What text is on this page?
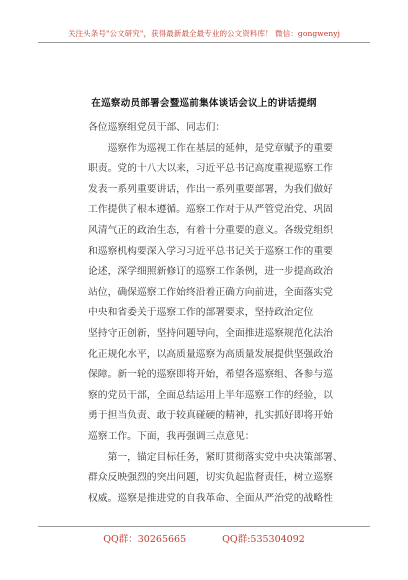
关注头条号"公文研究"，获得最新最全最专业的公文资料库！ 微信：gongwenyj
在巡察动员部署会暨巡前集体谈话会议上的讲话提纲

各位巡察组党员干部、同志们：

　　巡察作为巡视工作在基层的延伸，是党章赋予的重要

职责。党的十八大以来，习近平总书记高度重视巡察工作

发表一系列重要讲话，作出一系列重要部署，为我们做好

工作提供了根本遵循。巡察工作对于从严管党治党、巩固

风清气正的政治生态，有着十分重要的意义。各级党组织

和巡察机构要深入学习习近平总书记关于巡察工作的重要

论述，深学细照新修订的巡察工作条例，进一步提高政治

站位，确保巡察工作始终沿着正确方向前进，全面落实党

中央和省委关于巡察工作的部署要求，坚持政治定位

坚持守正创新，坚持问题导向，全面推进巡察规范化法治

化正规化水平，以高质量巡察为高质量发展提供坚强政治

保障。新一轮的巡察即将开始，希望各巡察组、各参与巡

察的党员干部，全面总结运用上半年巡察工作的经验，以

勇于担当负责、敢于较真碰硬的精神，扎实抓好即将开始

巡察工作。下面，我再强调三点意见：

　　第一，锚定目标任务，紧盯贯彻落实党中央决策部署、

群众反映强烈的突出问题，切实负起监督责任，树立巡察

权威。巡察是推进党的自我革命、全面从严治党的战略性

QQ群：30265665	QQ群:535304092
